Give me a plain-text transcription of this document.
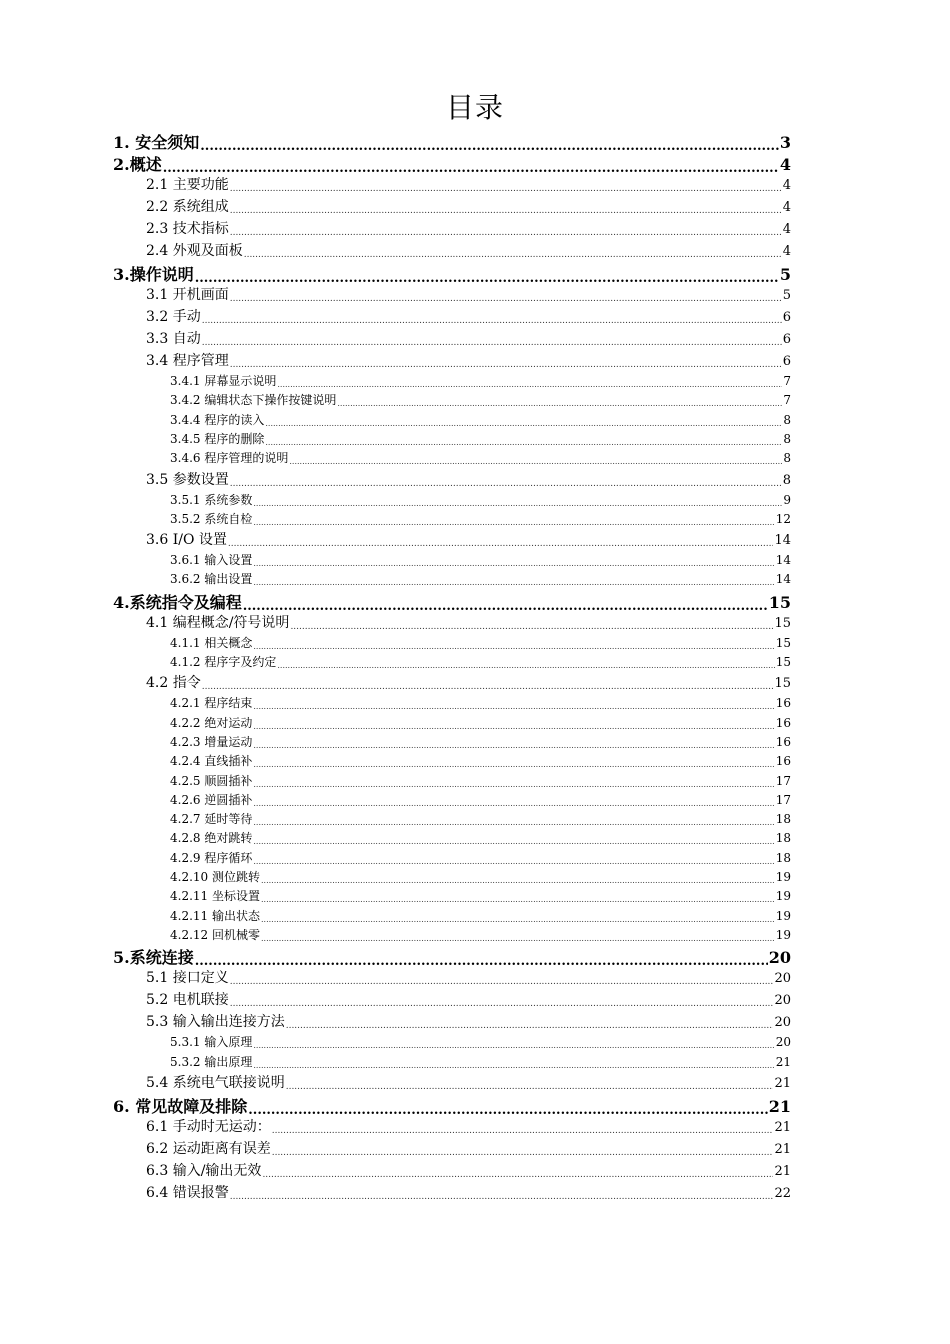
目录
1. 安全须知 .....	3
2.概述 .....	4
2.1 主要功能 .....	4
2.2 系统组成 .....	4
2.3 技术指标 .....	4
2.4 外观及面板 .....	4
3.操作说明 .....	5
3.1 开机画面 .....	5
3.2 手动 .....	6
3.3 自动 .....	6
3.4 程序管理 .....	6
3.4.1 屏幕显示说明 .....	7
3.4.2 编辑状态下操作按键说明 .....	7
3.4.4 程序的读入 .....	8
3.4.5 程序的删除 .....	8
3.4.6 程序管理的说明 .....	8
3.5 参数设置 .....	8
3.5.1 系统参数 .....	9
3.5.2 系统自检 .....	12
3.6 I/O 设置 .....	14
3.6.1 输入设置 .....	14
3.6.2 输出设置 .....	14
4.系统指令及编程 .....	15
4.1 编程概念/符号说明 .....	15
4.1.1 相关概念 .....	15
4.1.2 程序字及约定 .....	15
4.2 指令 .....	15
4.2.1 程序结束 .....	16
4.2.2 绝对运动 .....	16
4.2.3 增量运动 .....	16
4.2.4 直线插补 .....	16
4.2.5 顺圆插补 .....	17
4.2.6 逆圆插补 .....	17
4.2.7 延时等待 .....	18
4.2.8 绝对跳转 .....	18
4.2.9 程序循环 .....	18
4.2.10 测位跳转 .....	19
4.2.11 坐标设置 .....	19
4.2.11 输出状态 .....	19
4.2.12 回机械零 .....	19
5.系统连接 .....	20
5.1 接口定义 .....	20
5.2 电机联接 .....	20
5.3 输入输出连接方法 .....	20
5.3.1 输入原理 .....	20
5.3.2 输出原理 .....	21
5.4 系统电气联接说明 .....	21
6. 常见故障及排除 .....	21
6.1 手动时无运动： .....	21
6.2 运动距离有误差 .....	21
6.3 输入/输出无效 .....	21
6.4 错误报警 .....	22
